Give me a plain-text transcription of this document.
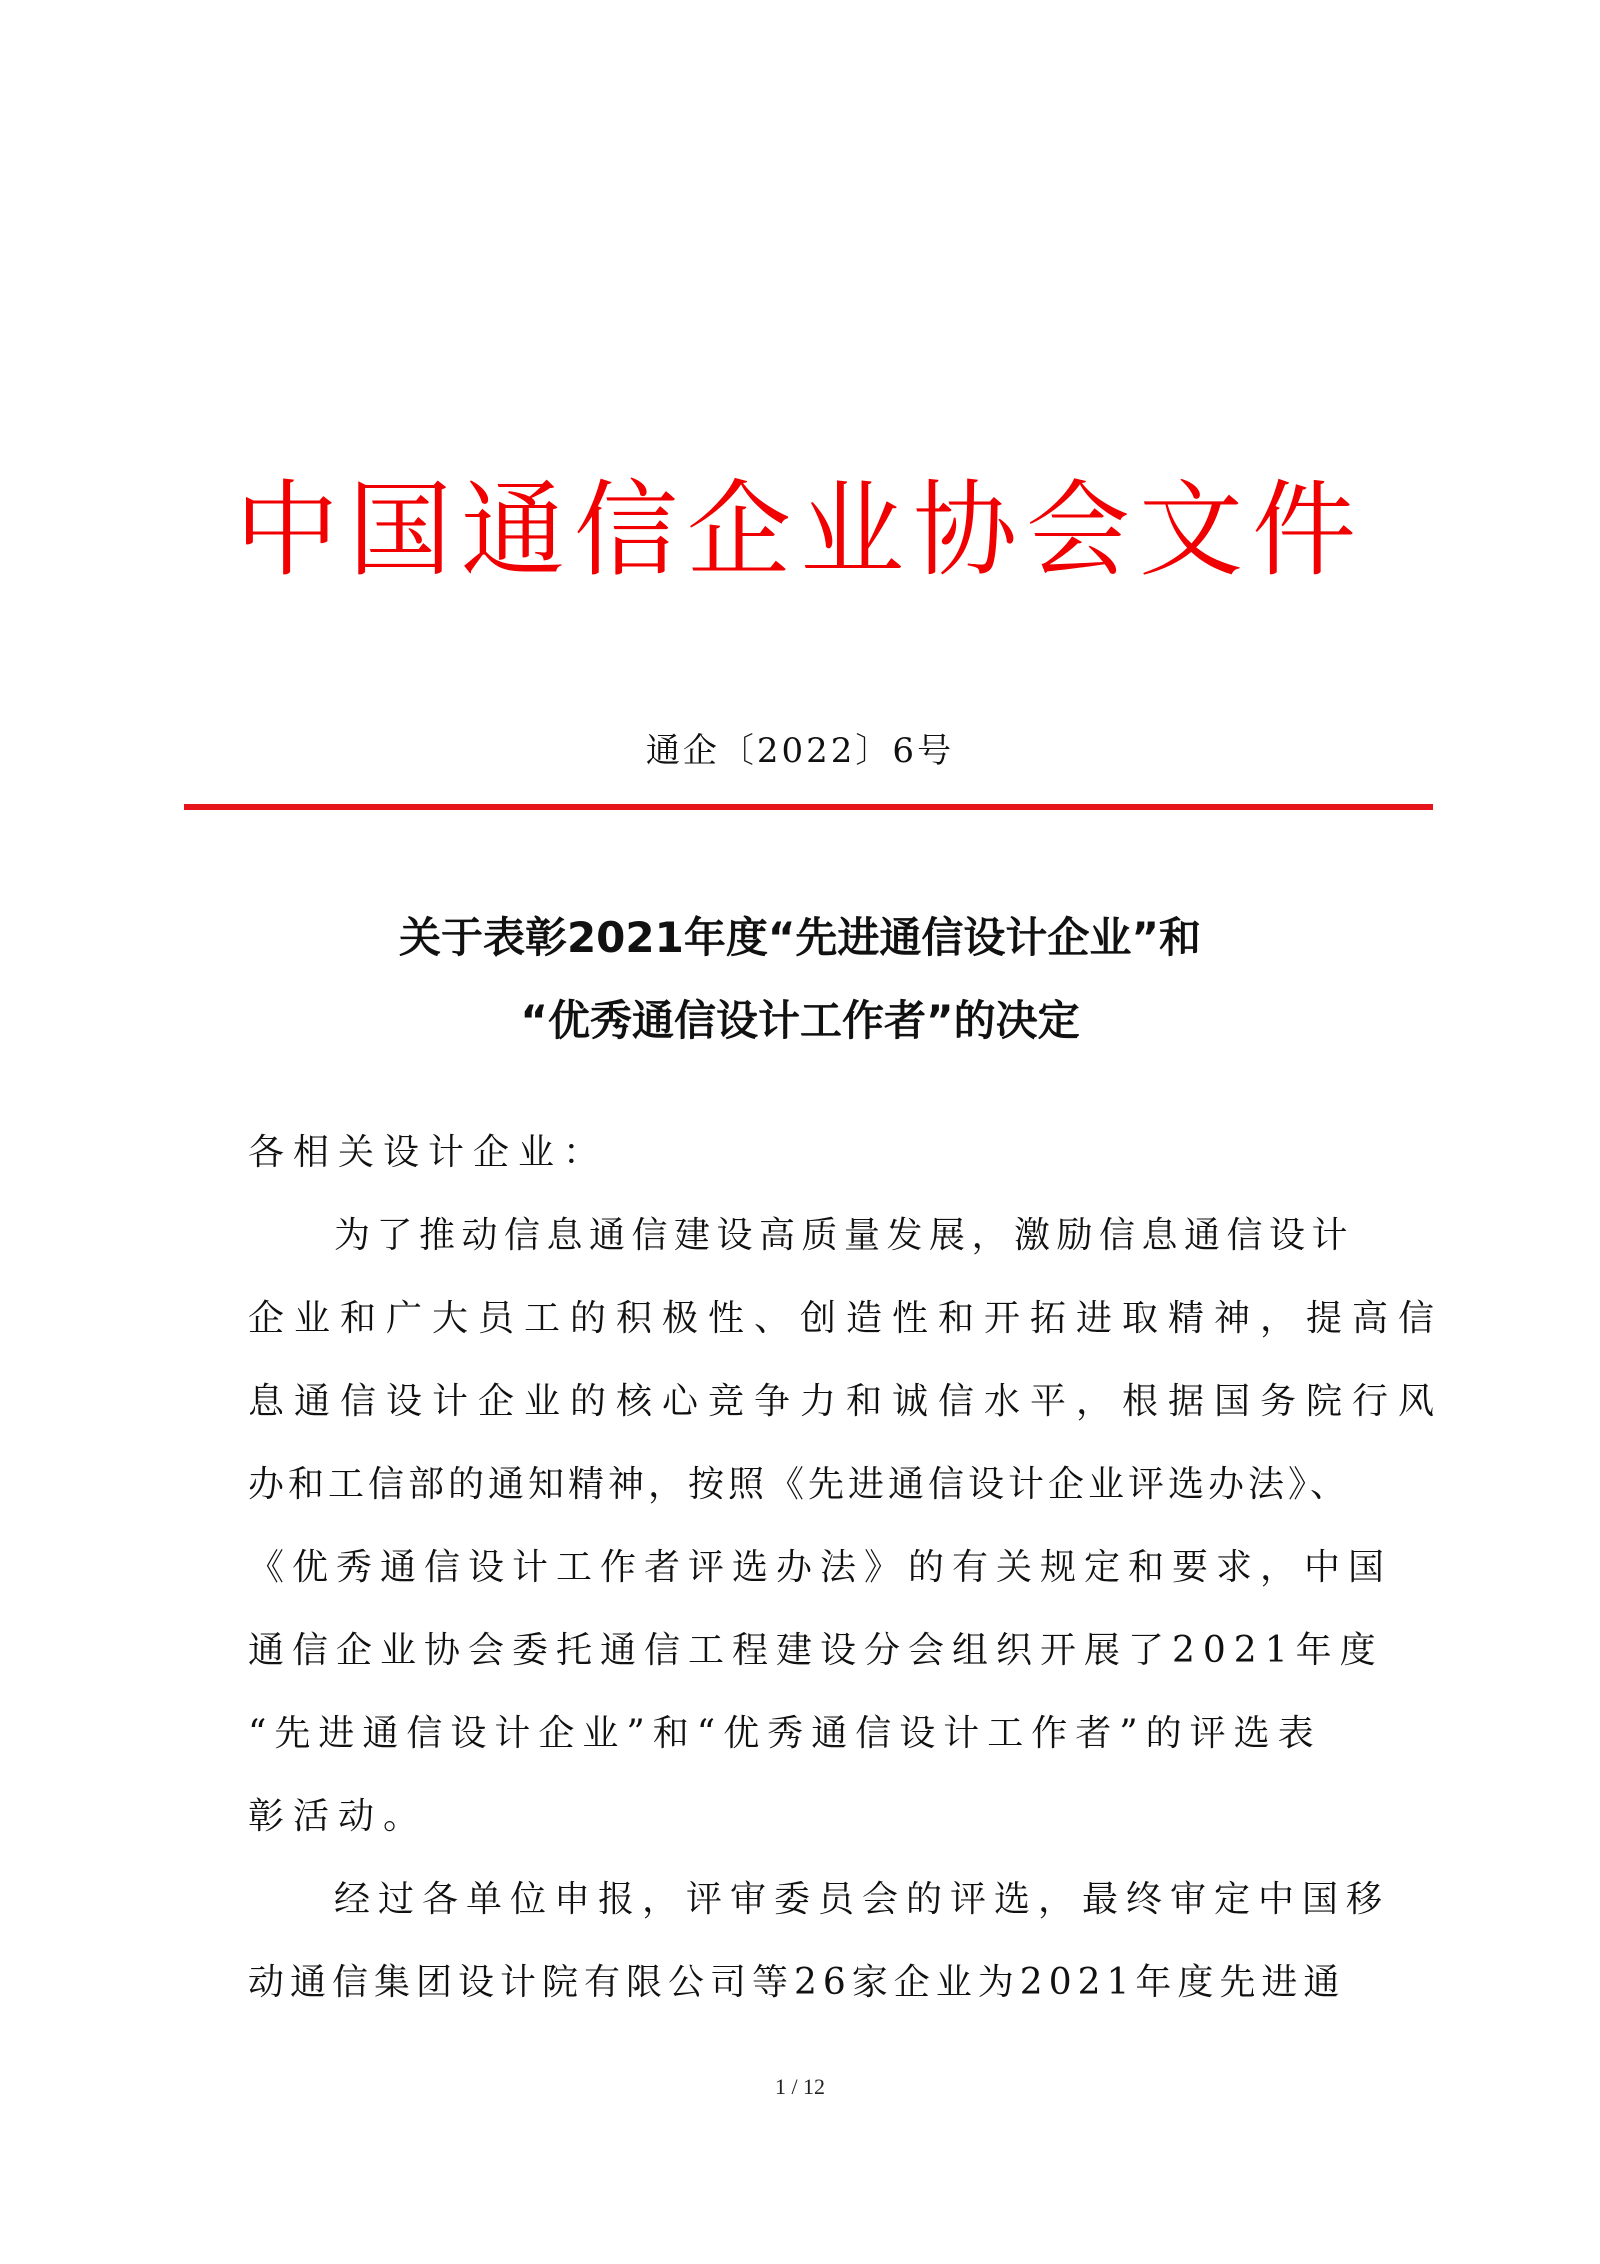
中国通信企业协会文件
通企〔2022〕6号
关于表彰2021年度“先进通信设计企业”和
“优秀通信设计工作者”的决定
各相关设计企业：
为了推动信息通信建设高质量发展，激励信息通信设计
企业和广大员工的积极性、创造性和开拓进取精神，提高信
息通信设计企业的核心竞争力和诚信水平，根据国务院行风
办和工信部的通知精神，按照《先进通信设计企业评选办法》、
《优秀通信设计工作者评选办法》的有关规定和要求，中国
通信企业协会委托通信工程建设分会组织开展了2021年度
“先进通信设计企业”和“优秀通信设计工作者”的评选表
彰活动。
经过各单位申报，评审委员会的评选，最终审定中国移
动通信集团设计院有限公司等26家企业为2021年度先进通
1 / 12
